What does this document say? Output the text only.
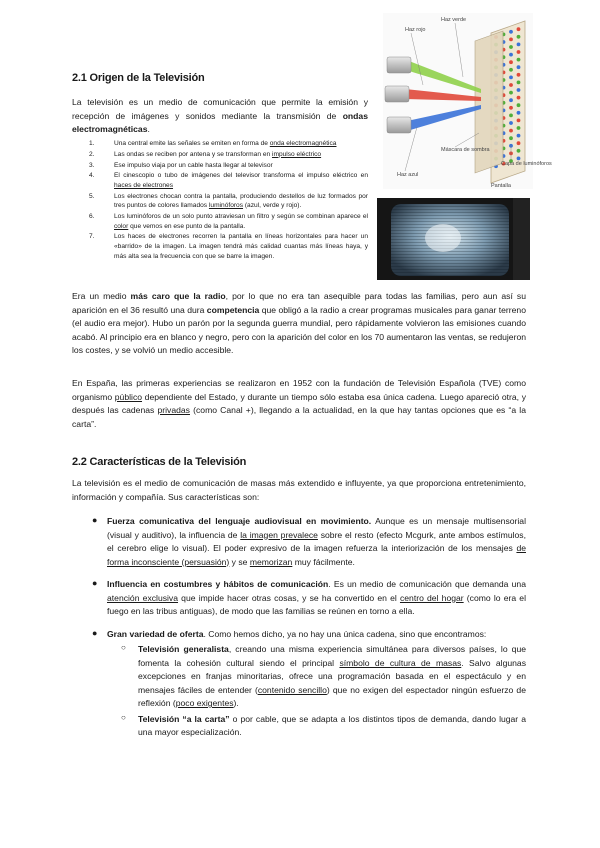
2.1 Origen de la Televisión

La televisión es un medio de comunicación que permite la emisión y recepción de imágenes y sonidos mediante la transmisión de ondas electromagnéticas.

1.	Una central emite las señales se emiten en forma de onda electromagnética
2.	Las ondas se reciben por antena y se transforman en impulso eléctrico
3.	Ese impulso viaja por un cable hasta llegar al televisor
4.	El cinescopio o tubo de imágenes del televisor transforma el impulso eléctrico en haces de electrones
5.	Los electrones chocan contra la pantalla, produciendo destellos de luz formados por tres puntos de colores llamados luminóforos (azul, verde y rojo).
6.	Los luminóforos de un solo punto atraviesan un filtro y según se combinan aparece el color que vemos en ese punto de la pantalla.
7.	Los haces de electrones recorren la pantalla en líneas horizontales para hacer un «barrido» de la imagen. La imagen tendrá más calidad cuantas más líneas haya, y más alta sea la frecuencia con que se barre la imagen.
Haz verde
Haz rojo
Haz azul
Máscara de sombra
Capa de luminóforos
Pantalla

Era un medio más caro que la radio, por lo que no era tan asequible para todas las familias, pero aun así su aparición en el 36 resultó una dura competencia que obligó a la radio a crear programas musicales para ganar terreno (el audio era mejor). Hubo un parón por la segunda guerra mundial, pero rápidamente volvieron las emisiones cuando acabó. Al principio era en blanco y negro, pero con la aparición del color en los 70 aumentaron las ventas, se redujeron los costes, y se volvió un medio accesible.

En España, las primeras experiencias se realizaron en 1952 con la fundación de Televisión Española (TVE) como organismo público dependiente del Estado, y durante un tiempo sólo estaba esa única cadena. Luego apareció otra, y después las cadenas privadas (como Canal +), llegando a la actualidad, en la que hay tantas opciones que es “a la carta”.

2.2 Características de la Televisión

La televisión es el medio de comunicación de masas más extendido e influyente, ya que proporciona entretenimiento, información y compañía. Sus características son:

● Fuerza comunicativa del lenguaje audiovisual en movimiento. Aunque es un mensaje multisensorial (visual y auditivo), la influencia de la imagen prevalece sobre el resto (efecto Mcgurk, ante ambos estímulos, el cerebro elige lo visual). El poder expresivo de la imagen refuerza la interiorización de los mensajes de forma inconsciente (persuasión) y se memorizan muy fácilmente.

● Influencia en costumbres y hábitos de comunicación. Es un medio de comunicación que demanda una atención exclusiva que impide hacer otras cosas, y se ha convertido en el centro del hogar (como lo era el fuego en las tribus antiguas), de modo que las familias se reúnen en torno a ella.

● Gran variedad de oferta. Como hemos dicho, ya no hay una única cadena, sino que encontramos:

○ Televisión generalista, creando una misma experiencia simultánea para diversos países, lo que fomenta la cohesión cultural siendo el principal símbolo de cultura de masas. Salvo algunas excepciones en franjas minoritarias, ofrece una programación basada en el espectáculo y en mensajes fáciles de entender (contenido sencillo) que no exigen del espectador ningún esfuerzo de reflexión (poco exigentes).

○ Televisión “a la carta” o por cable, que se adapta a los distintos tipos de demanda, dando lugar a una mayor especialización.
